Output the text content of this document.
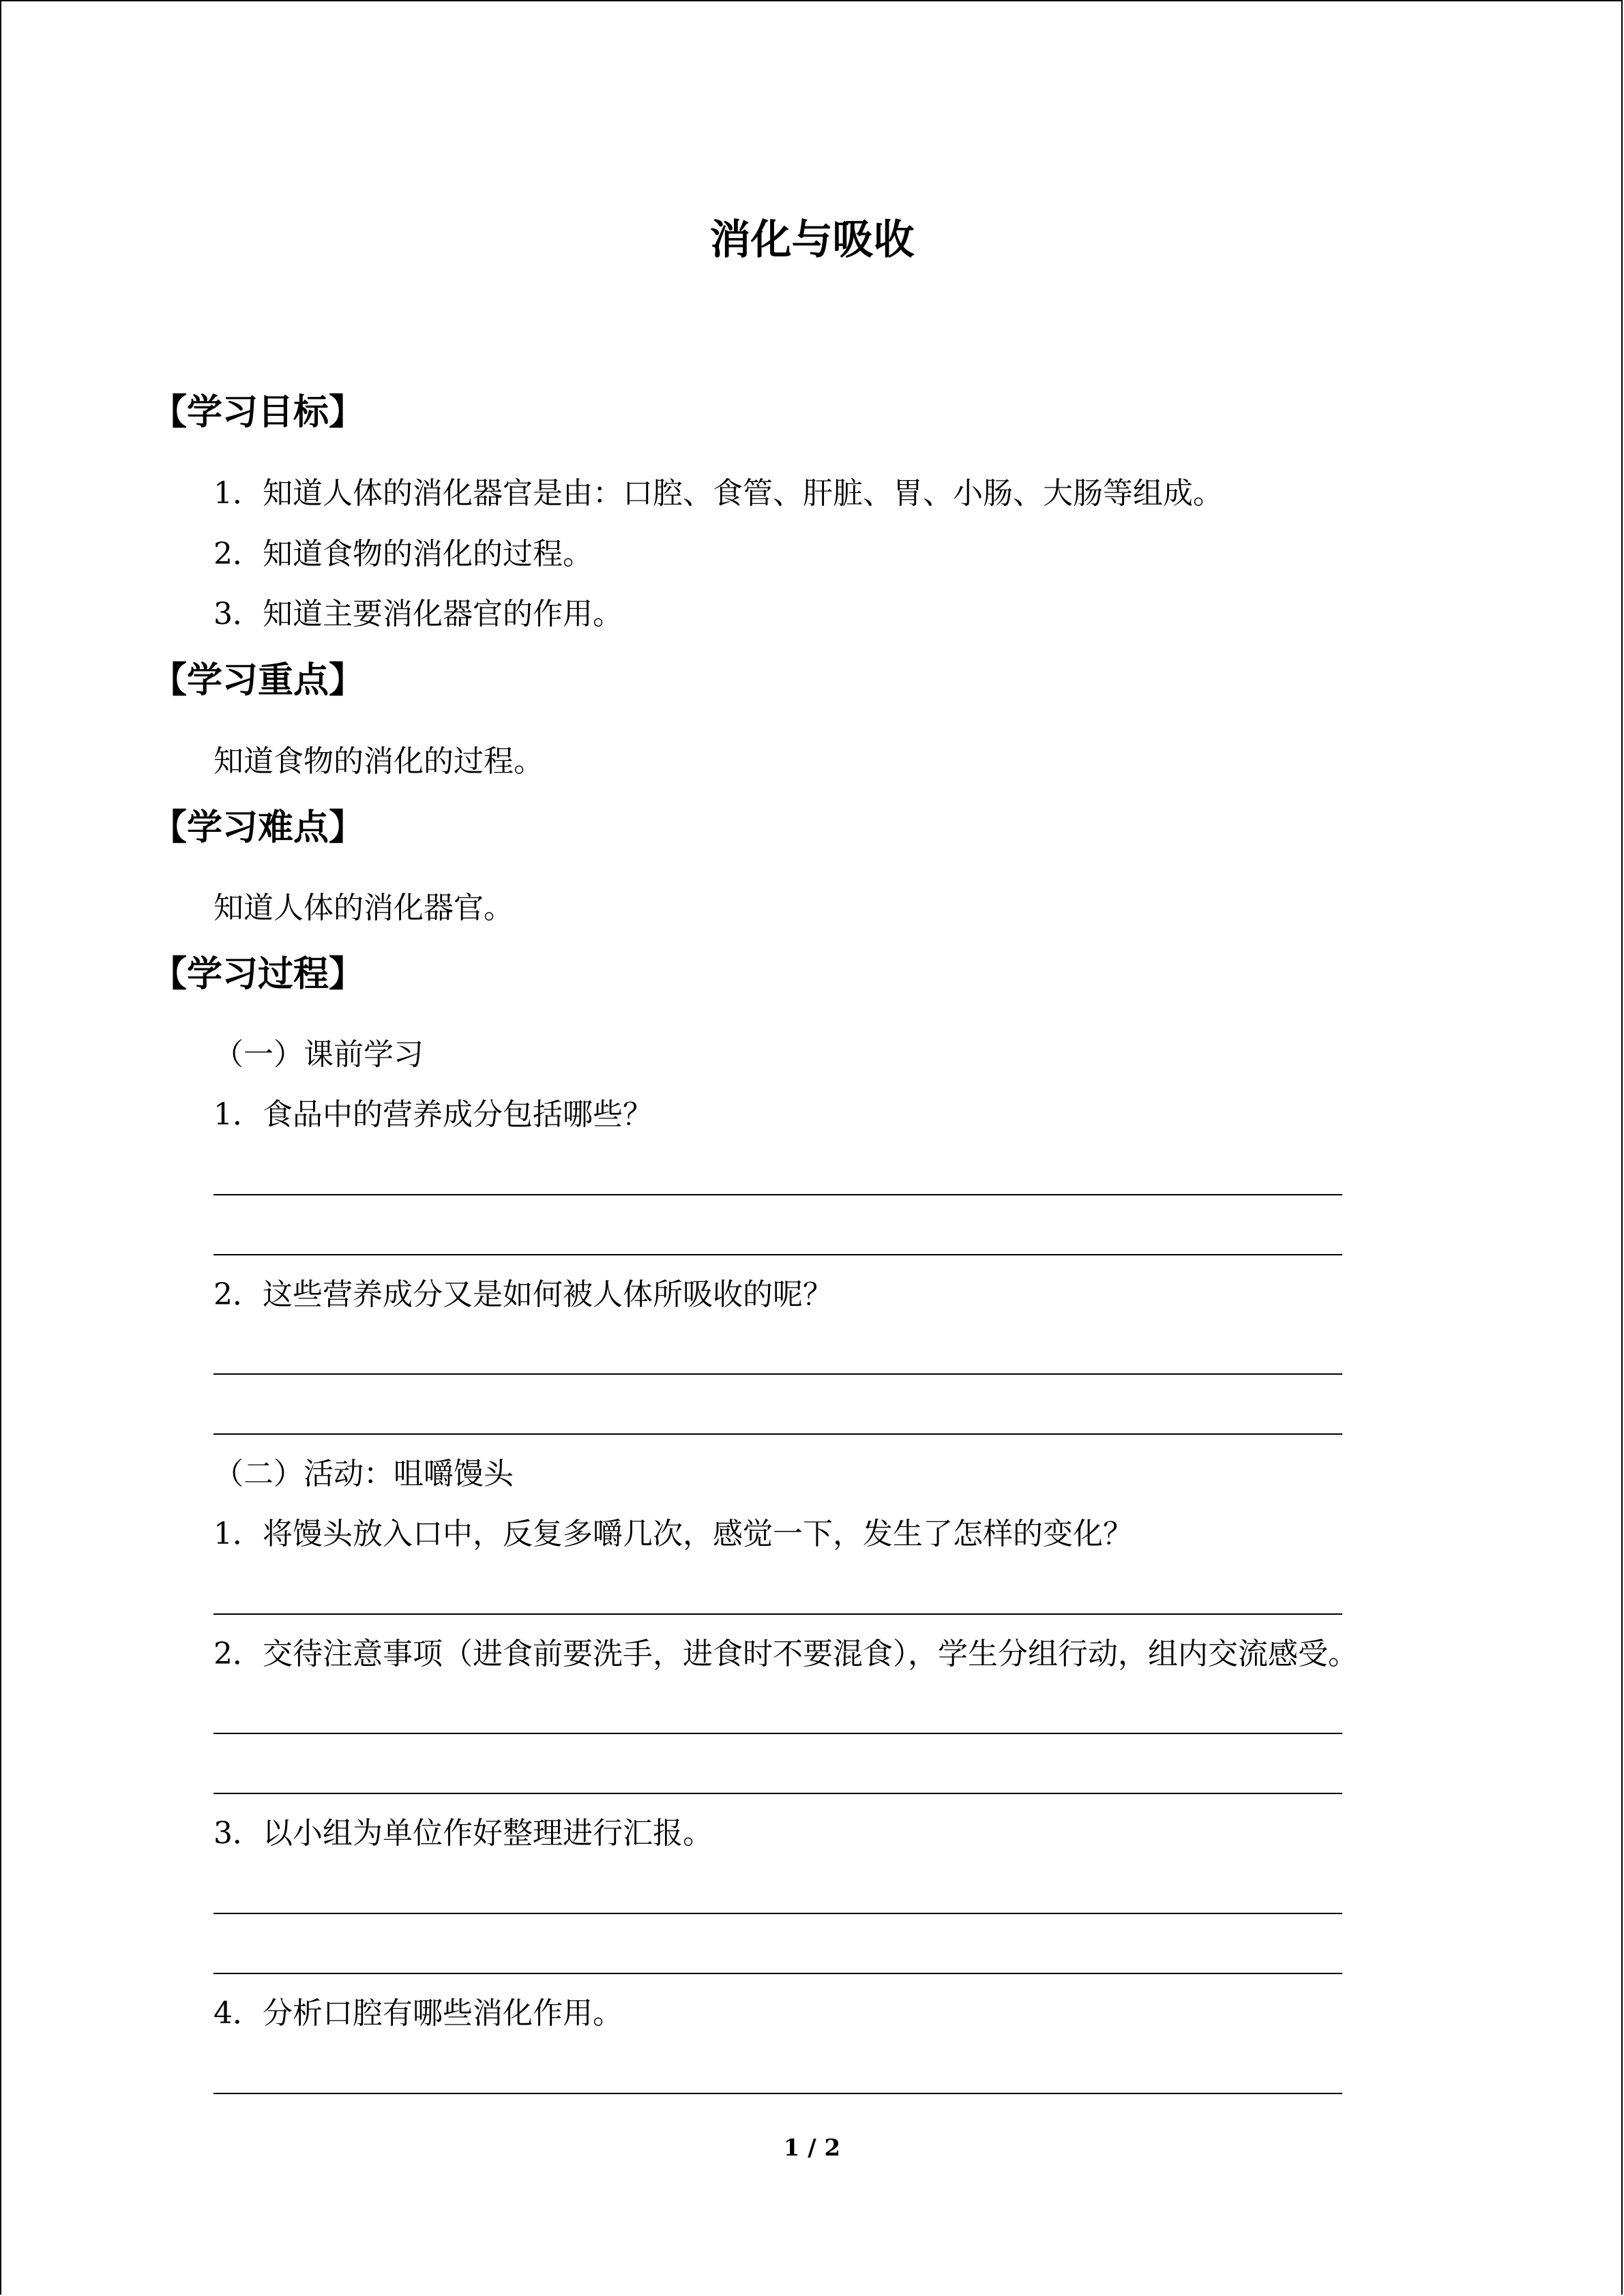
消化与吸收
【学习目标】
1．知道人体的消化器官是由：口腔、食管、肝脏、胃、小肠、大肠等组成。
2．知道食物的消化的过程。
3．知道主要消化器官的作用。
【学习重点】
知道食物的消化的过程。
【学习难点】
知道人体的消化器官。
【学习过程】
（一）课前学习
1．食品中的营养成分包括哪些？
2．这些营养成分又是如何被人体所吸收的呢？
（二）活动：咀嚼馒头
1．将馒头放入口中，反复多嚼几次，感觉一下，发生了怎样的变化？
2．交待注意事项（进食前要洗手，进食时不要混食），学生分组行动，组内交流感受。
3．以小组为单位作好整理进行汇报。
4．分析口腔有哪些消化作用。
1 / 2
